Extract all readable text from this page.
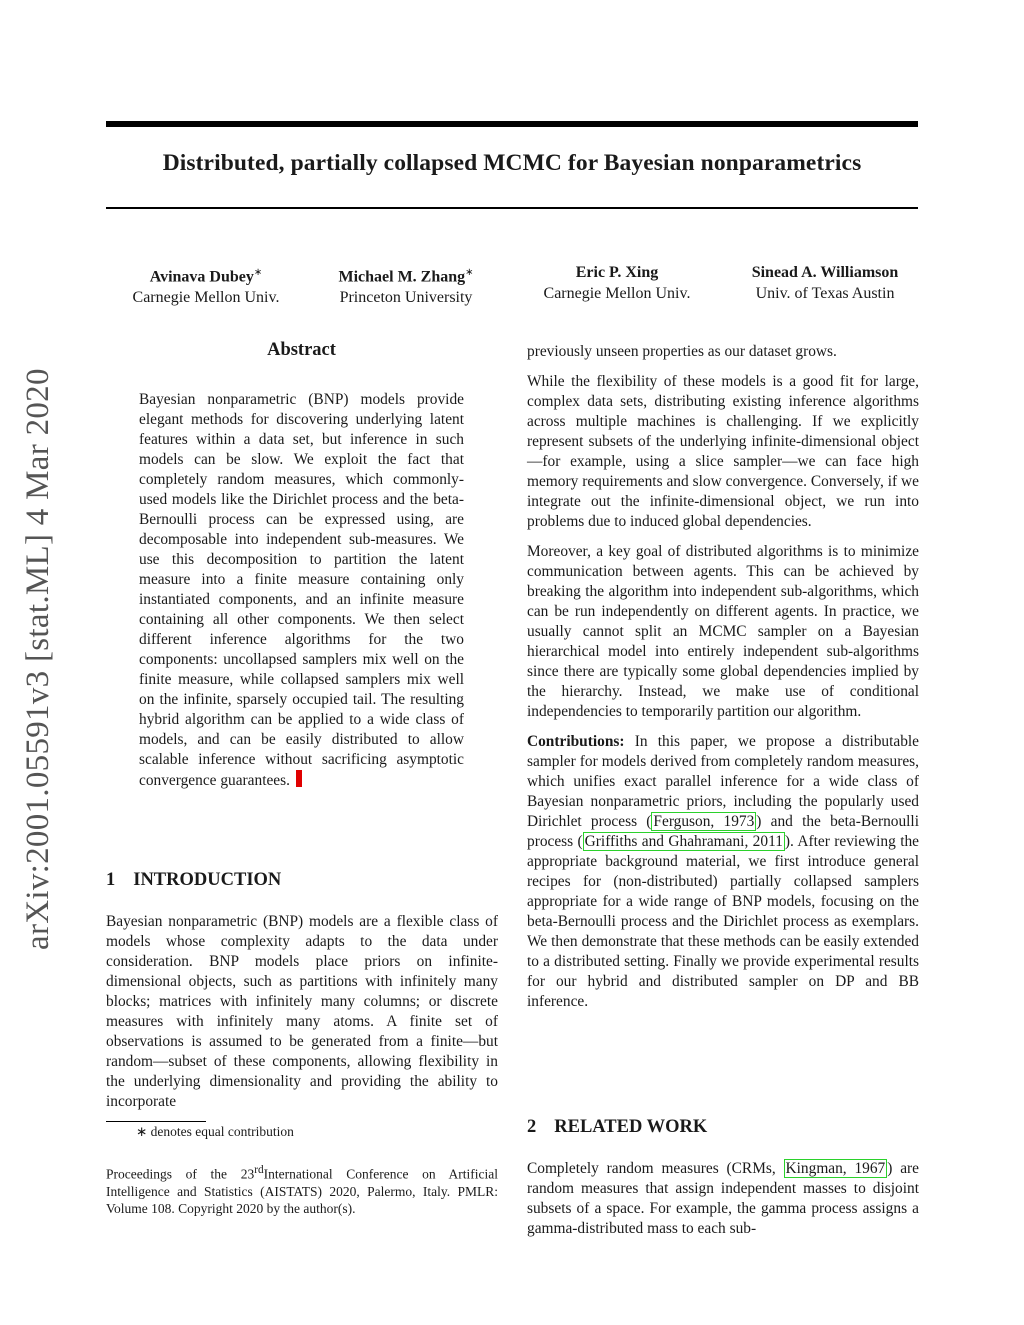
Distributed, partially collapsed MCMC for Bayesian nonparametrics
Avinava Dubey∗
Carnegie Mellon Univ.
Michael M. Zhang∗
Princeton University
Eric P. Xing
Carnegie Mellon Univ.
Sinead A. Williamson
Univ. of Texas Austin
arXiv:2001.05591v3 [stat.ML] 4 Mar 2020
Abstract
Bayesian nonparametric (BNP) models provide elegant methods for discovering underlying latent features within a data set, but inference in such models can be slow. We exploit the fact that completely random measures, which commonly-used models like the Dirichlet process and the beta-Bernoulli process can be expressed using, are decomposable into independent sub-measures. We use this decomposition to partition the latent measure into a finite measure containing only instantiated components, and an infinite measure containing all other components. We then select different inference algorithms for the two components: uncollapsed samplers mix well on the finite measure, while collapsed samplers mix well on the infinite, sparsely occupied tail. The resulting hybrid algorithm can be applied to a wide class of models, and can be easily distributed to allow scalable inference without sacrificing asymptotic convergence guarantees.
1 INTRODUCTION

Bayesian nonparametric (BNP) models are a flexible class of models whose complexity adapts to the data under consideration. BNP models place priors on infinite-dimensional objects, such as partitions with infinitely many blocks; matrices with infinitely many columns; or discrete measures with infinitely many atoms. A finite set of observations is assumed to be generated from a finite—but random—subset of these components, allowing flexibility in the underlying dimensionality and providing the ability to incorporate

∗ denotes equal contribution
Proceedings of the 23rdInternational Conference on Artificial Intelligence and Statistics (AISTATS) 2020, Palermo, Italy. PMLR: Volume 108. Copyright 2020 by the author(s).

previously unseen properties as our dataset grows.

While the flexibility of these models is a good fit for large, complex data sets, distributing existing inference algorithms across multiple machines is challenging. If we explicitly represent subsets of the underlying infinite-dimensional object—for example, using a slice sampler—we can face high memory requirements and slow convergence. Conversely, if we integrate out the infinite-dimensional object, we run into problems due to induced global dependencies.

Moreover, a key goal of distributed algorithms is to minimize communication between agents. This can be achieved by breaking the algorithm into independent sub-algorithms, which can be run independently on different agents. In practice, we usually cannot split an MCMC sampler on a Bayesian hierarchical model into entirely independent sub-algorithms since there are typically some global dependencies implied by the hierarchy. Instead, we make use of conditional independencies to temporarily partition our algorithm.

Contributions: In this paper, we propose a distributable sampler for models derived from completely random measures, which unifies exact parallel inference for a wide class of Bayesian nonparametric priors, including the popularly used Dirichlet process ( Ferguson, 1973 ) and the beta-Bernoulli process ( Griffiths and Ghahramani, 2011 ). After reviewing the appropriate background material, we first introduce general recipes for (non-distributed) partially collapsed samplers appropriate for a wide range of BNP models, focusing on the beta-Bernoulli process and the Dirichlet process as exemplars. We then demonstrate that these methods can be easily extended to a distributed setting. Finally we provide experimental results for our hybrid and distributed sampler on DP and BB inference.

2 RELATED WORK

Completely random measures (CRMs, Kingman, 1967 ) are random measures that assign independent masses to disjoint subsets of a space. For example, the gamma process assigns a gamma-distributed mass to each sub-
